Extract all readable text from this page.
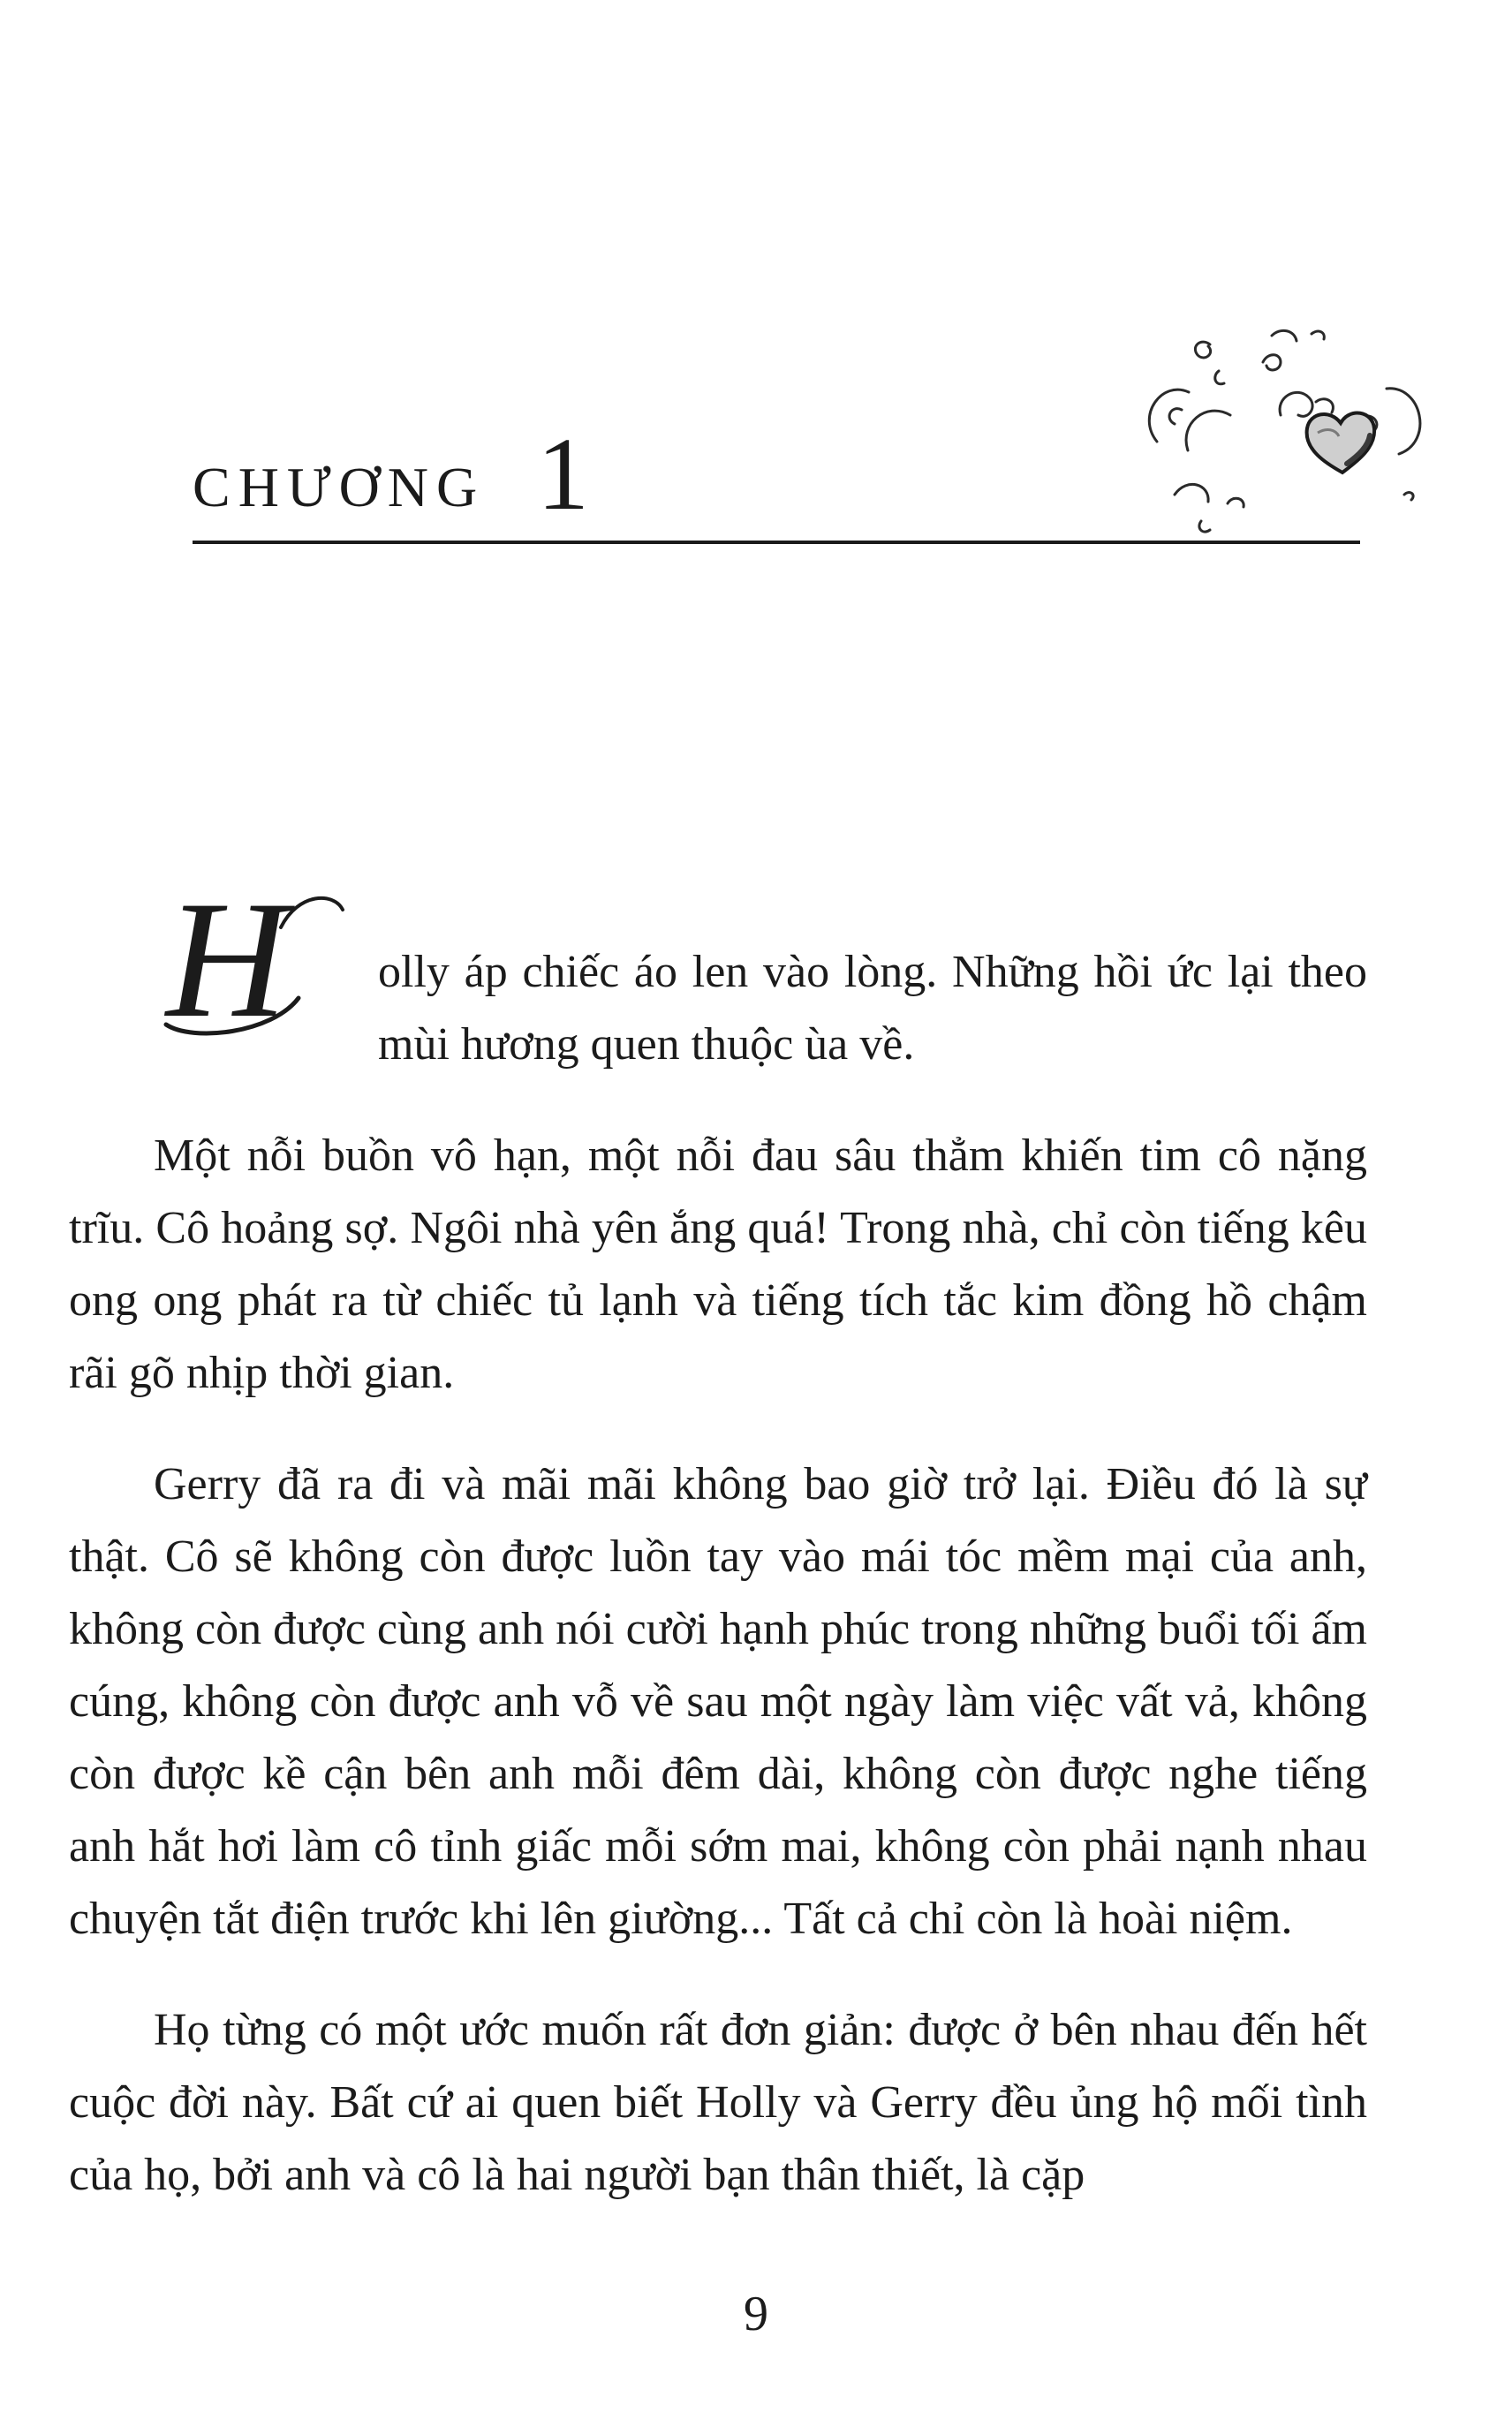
CHƯƠNG 1

H olly áp chiếc áo len vào lòng. Những hồi ức lại theo mùi hương quen thuộc ùa về.

Một nỗi buồn vô hạn, một nỗi đau sâu thẳm khiến tim cô nặng trĩu. Cô hoảng sợ. Ngôi nhà yên ắng quá! Trong nhà, chỉ còn tiếng kêu ong ong phát ra từ chiếc tủ lạnh và tiếng tích tắc kim đồng hồ chậm rãi gõ nhịp thời gian.

Gerry đã ra đi và mãi mãi không bao giờ trở lại. Điều đó là sự thật. Cô sẽ không còn được luồn tay vào mái tóc mềm mại của anh, không còn được cùng anh nói cười hạnh phúc trong những buổi tối ấm cúng, không còn được anh vỗ về sau một ngày làm việc vất vả, không còn được kề cận bên anh mỗi đêm dài, không còn được nghe tiếng anh hắt hơi làm cô tỉnh giấc mỗi sớm mai, không còn phải nạnh nhau chuyện tắt điện trước khi lên giường... Tất cả chỉ còn là hoài niệm.

Họ từng có một ước muốn rất đơn giản: được ở bên nhau đến hết cuộc đời này. Bất cứ ai quen biết Holly và Gerry đều ủng hộ mối tình của họ, bởi anh và cô là hai người bạn thân thiết, là cặp

9
